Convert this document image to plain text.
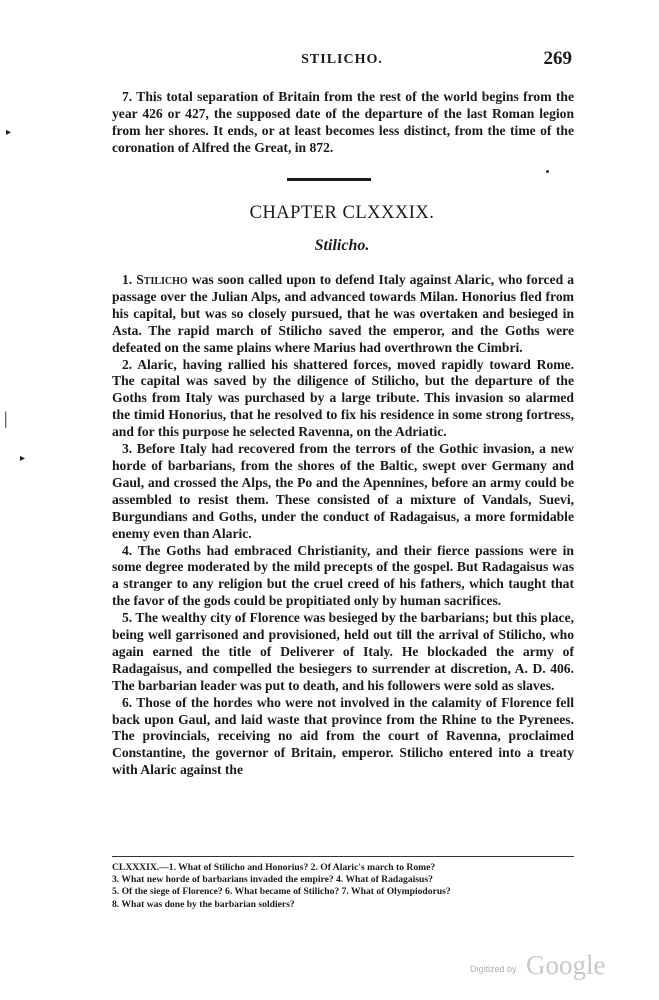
STILICHO.	269
▸

7. This total separation of Britain from the rest of the world begins from the year 426 or 427, the supposed date of the departure of the last Roman legion from her shores. It ends, or at least becomes less distinct, from the time of the coronation of Alfred the Great, in 872.

CHAPTER CLXXXIX.
Stilicho.
|
▸

1. Stilicho was soon called upon to defend Italy against Alaric, who forced a passage over the Julian Alps, and advanced towards Milan. Honorius fled from his capital, but was so closely pursued, that he was overtaken and besieged in Asta. The rapid march of Stilicho saved the emperor, and the Goths were defeated on the same plains where Marius had overthrown the Cimbri.

2. Alaric, having rallied his shattered forces, moved rapidly toward Rome. The capital was saved by the diligence of Stilicho, but the departure of the Goths from Italy was purchased by a large tribute. This invasion so alarmed the timid Honorius, that he resolved to fix his residence in some strong fortress, and for this purpose he selected Ravenna, on the Adriatic.

3. Before Italy had recovered from the terrors of the Gothic invasion, a new horde of barbarians, from the shores of the Baltic, swept over Germany and Gaul, and crossed the Alps, the Po and the Apennines, before an army could be assembled to resist them. These consisted of a mixture of Vandals, Suevi, Burgundians and Goths, under the conduct of Radagaisus, a more formidable enemy even than Alaric.

4. The Goths had embraced Christianity, and their fierce passions were in some degree moderated by the mild precepts of the gospel. But Radagaisus was a stranger to any religion but the cruel creed of his fathers, which taught that the favor of the gods could be propitiated only by human sacrifices.

5. The wealthy city of Florence was besieged by the barbarians; but this place, being well garrisoned and provisioned, held out till the arrival of Stilicho, who again earned the title of Deliverer of Italy. He blockaded the army of Radagaisus, and compelled the besiegers to surrender at discretion, A. D. 406. The barbarian leader was put to death, and his followers were sold as slaves.

6. Those of the hordes who were not involved in the calamity of Florence fell back upon Gaul, and laid waste that province from the Rhine to the Pyrenees. The provincials, receiving no aid from the court of Ravenna, proclaimed Constantine, the governor of Britain, emperor. Stilicho entered into a treaty with Alaric against the

CLXXXIX.—1. What of Stilicho and Honorius? 2. Of Alaric's march to Rome?
3. What new horde of barbarians invaded the empire? 4. What of Radagaisus?
5. Of the siege of Florence? 6. What became of Stilicho? 7. What of Olympiodorus?
8. What was done by the barbarian soldiers?
Digitized by Google
